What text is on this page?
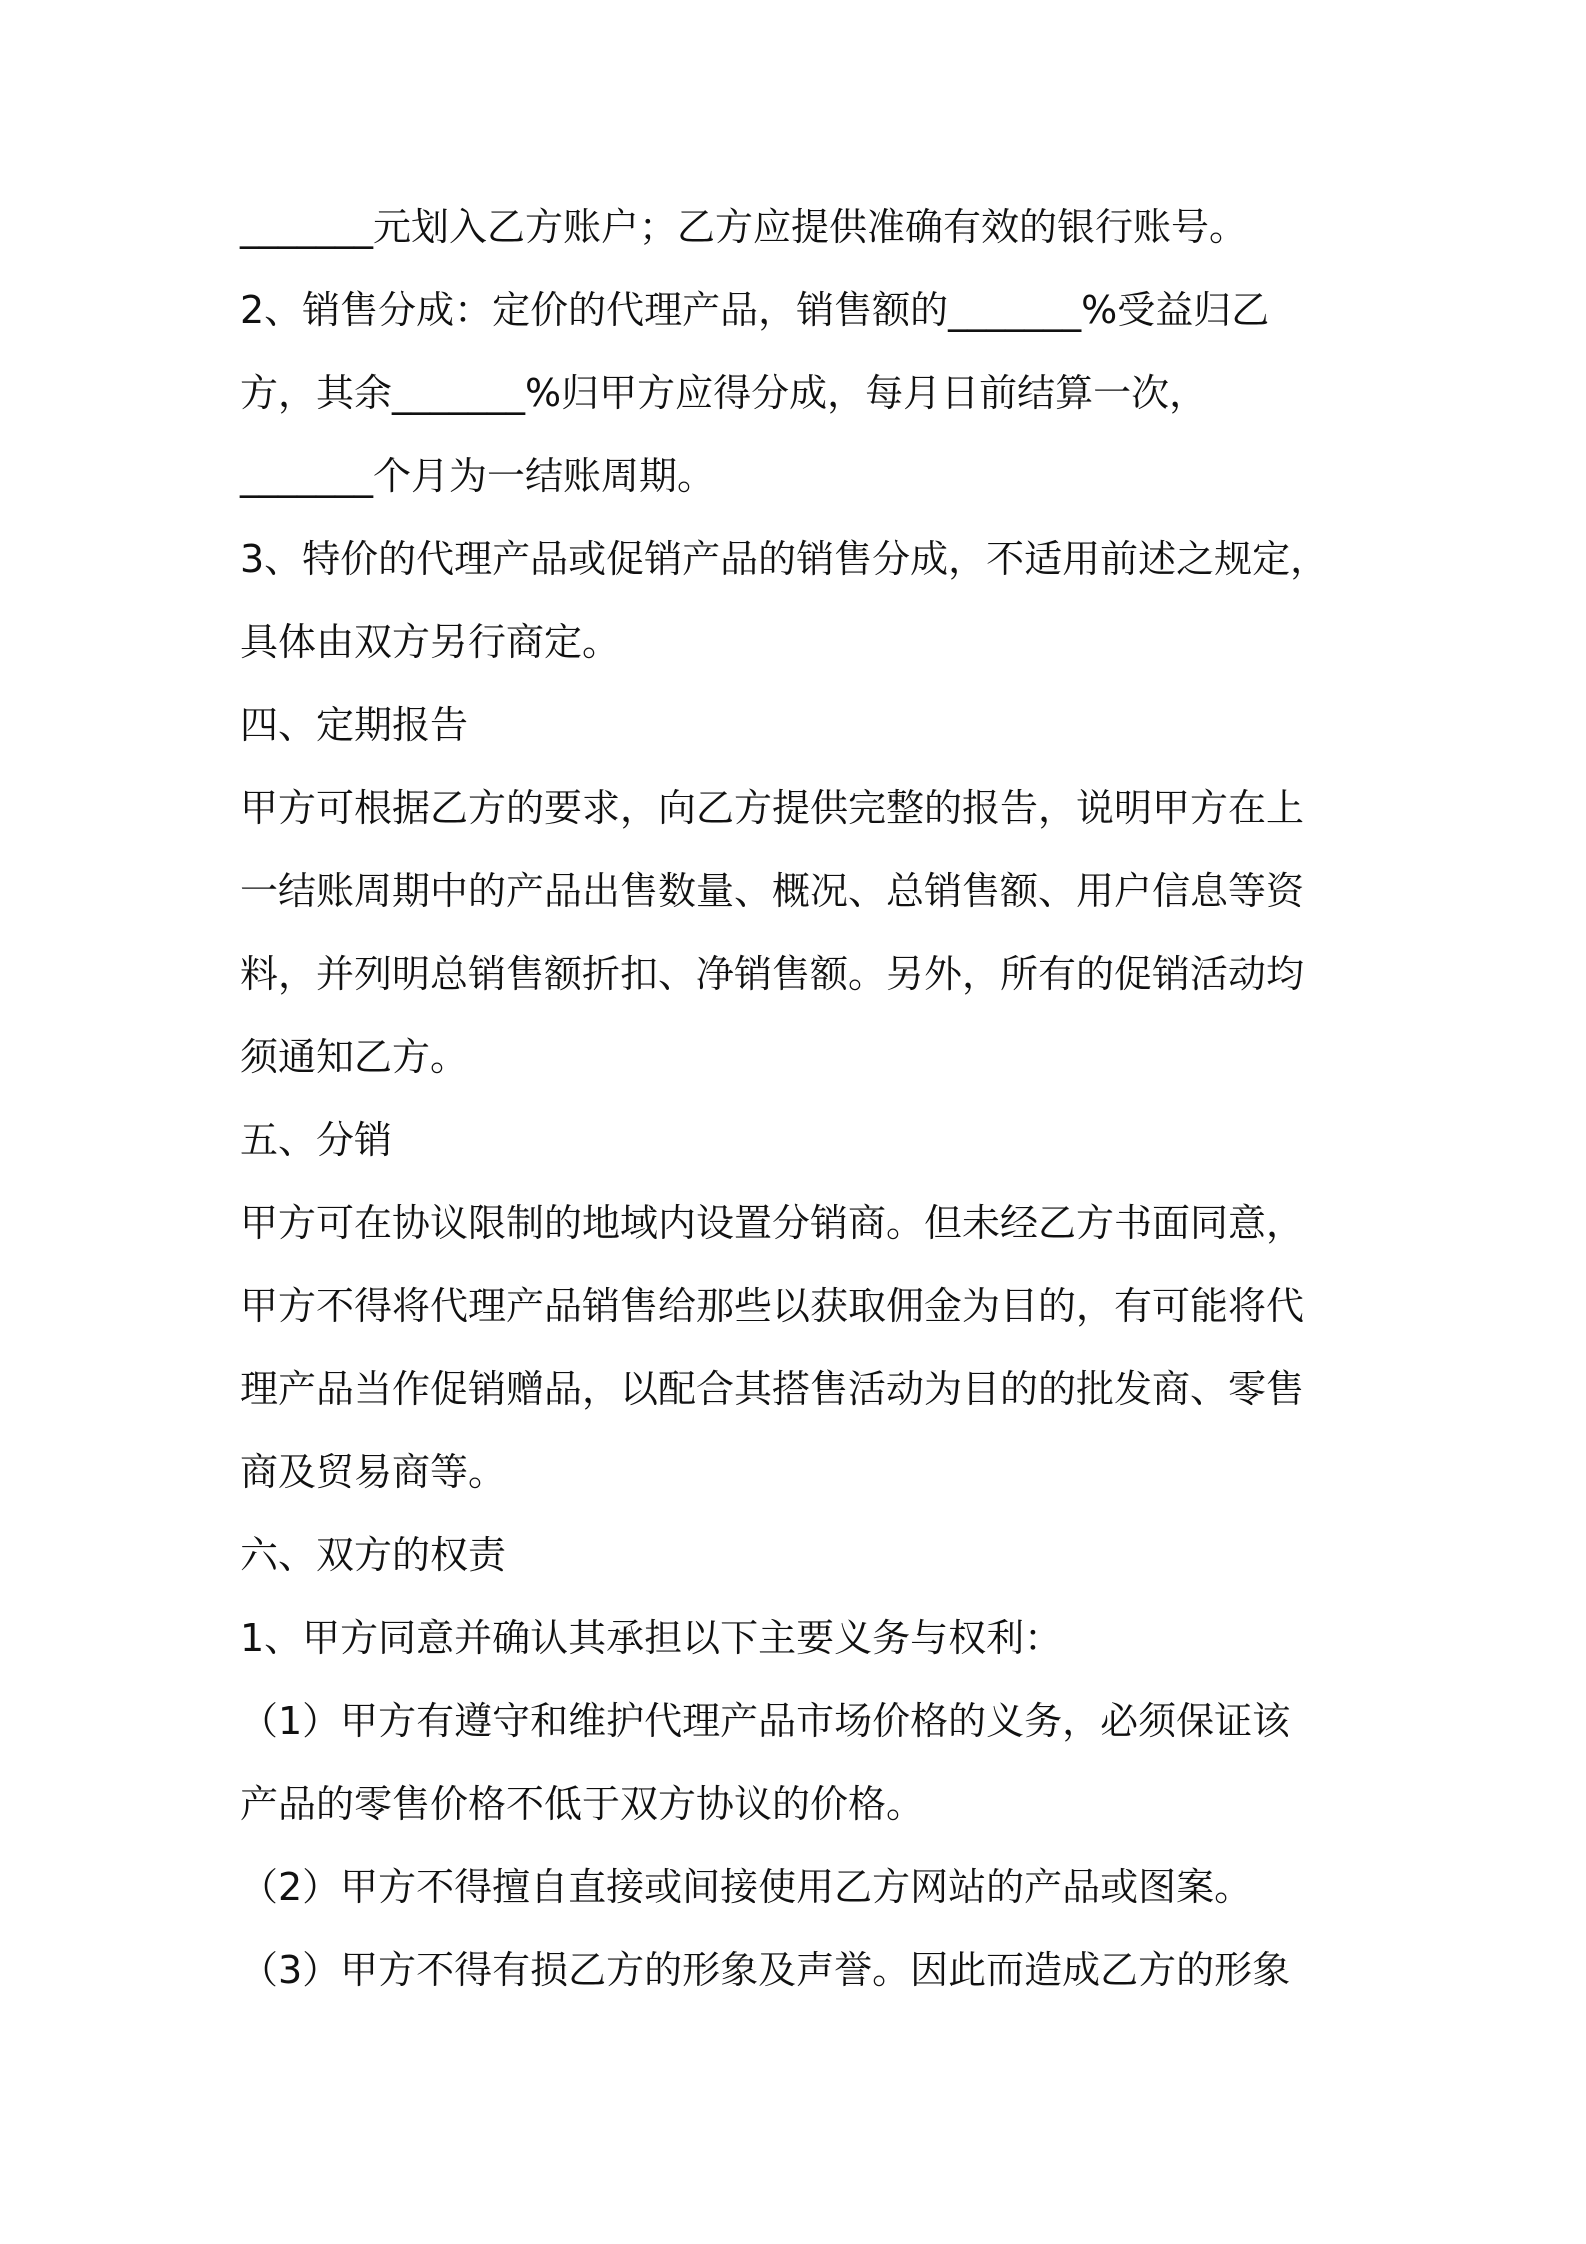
_______元划入乙方账户；乙方应提供准确有效的银行账号。

2、销售分成：定价的代理产品，销售额的_______%受益归乙

方，其余_______%归甲方应得分成，每月日前结算一次，

_______个月为一结账周期。

3、特价的代理产品或促销产品的销售分成，不适用前述之规定，

具体由双方另行商定。

四、定期报告

甲方可根据乙方的要求，向乙方提供完整的报告，说明甲方在上

一结账周期中的产品出售数量、概况、总销售额、用户信息等资

料，并列明总销售额折扣、净销售额。另外，所有的促销活动均

须通知乙方。

五、分销

甲方可在协议限制的地域内设置分销商。但未经乙方书面同意，

甲方不得将代理产品销售给那些以获取佣金为目的，有可能将代

理产品当作促销赠品，以配合其搭售活动为目的的批发商、零售

商及贸易商等。

六、双方的权责

1、甲方同意并确认其承担以下主要义务与权利：

（1）甲方有遵守和维护代理产品市场价格的义务，必须保证该

产品的零售价格不低于双方协议的价格。

（2）甲方不得擅自直接或间接使用乙方网站的产品或图案。

（3）甲方不得有损乙方的形象及声誉。因此而造成乙方的形象
